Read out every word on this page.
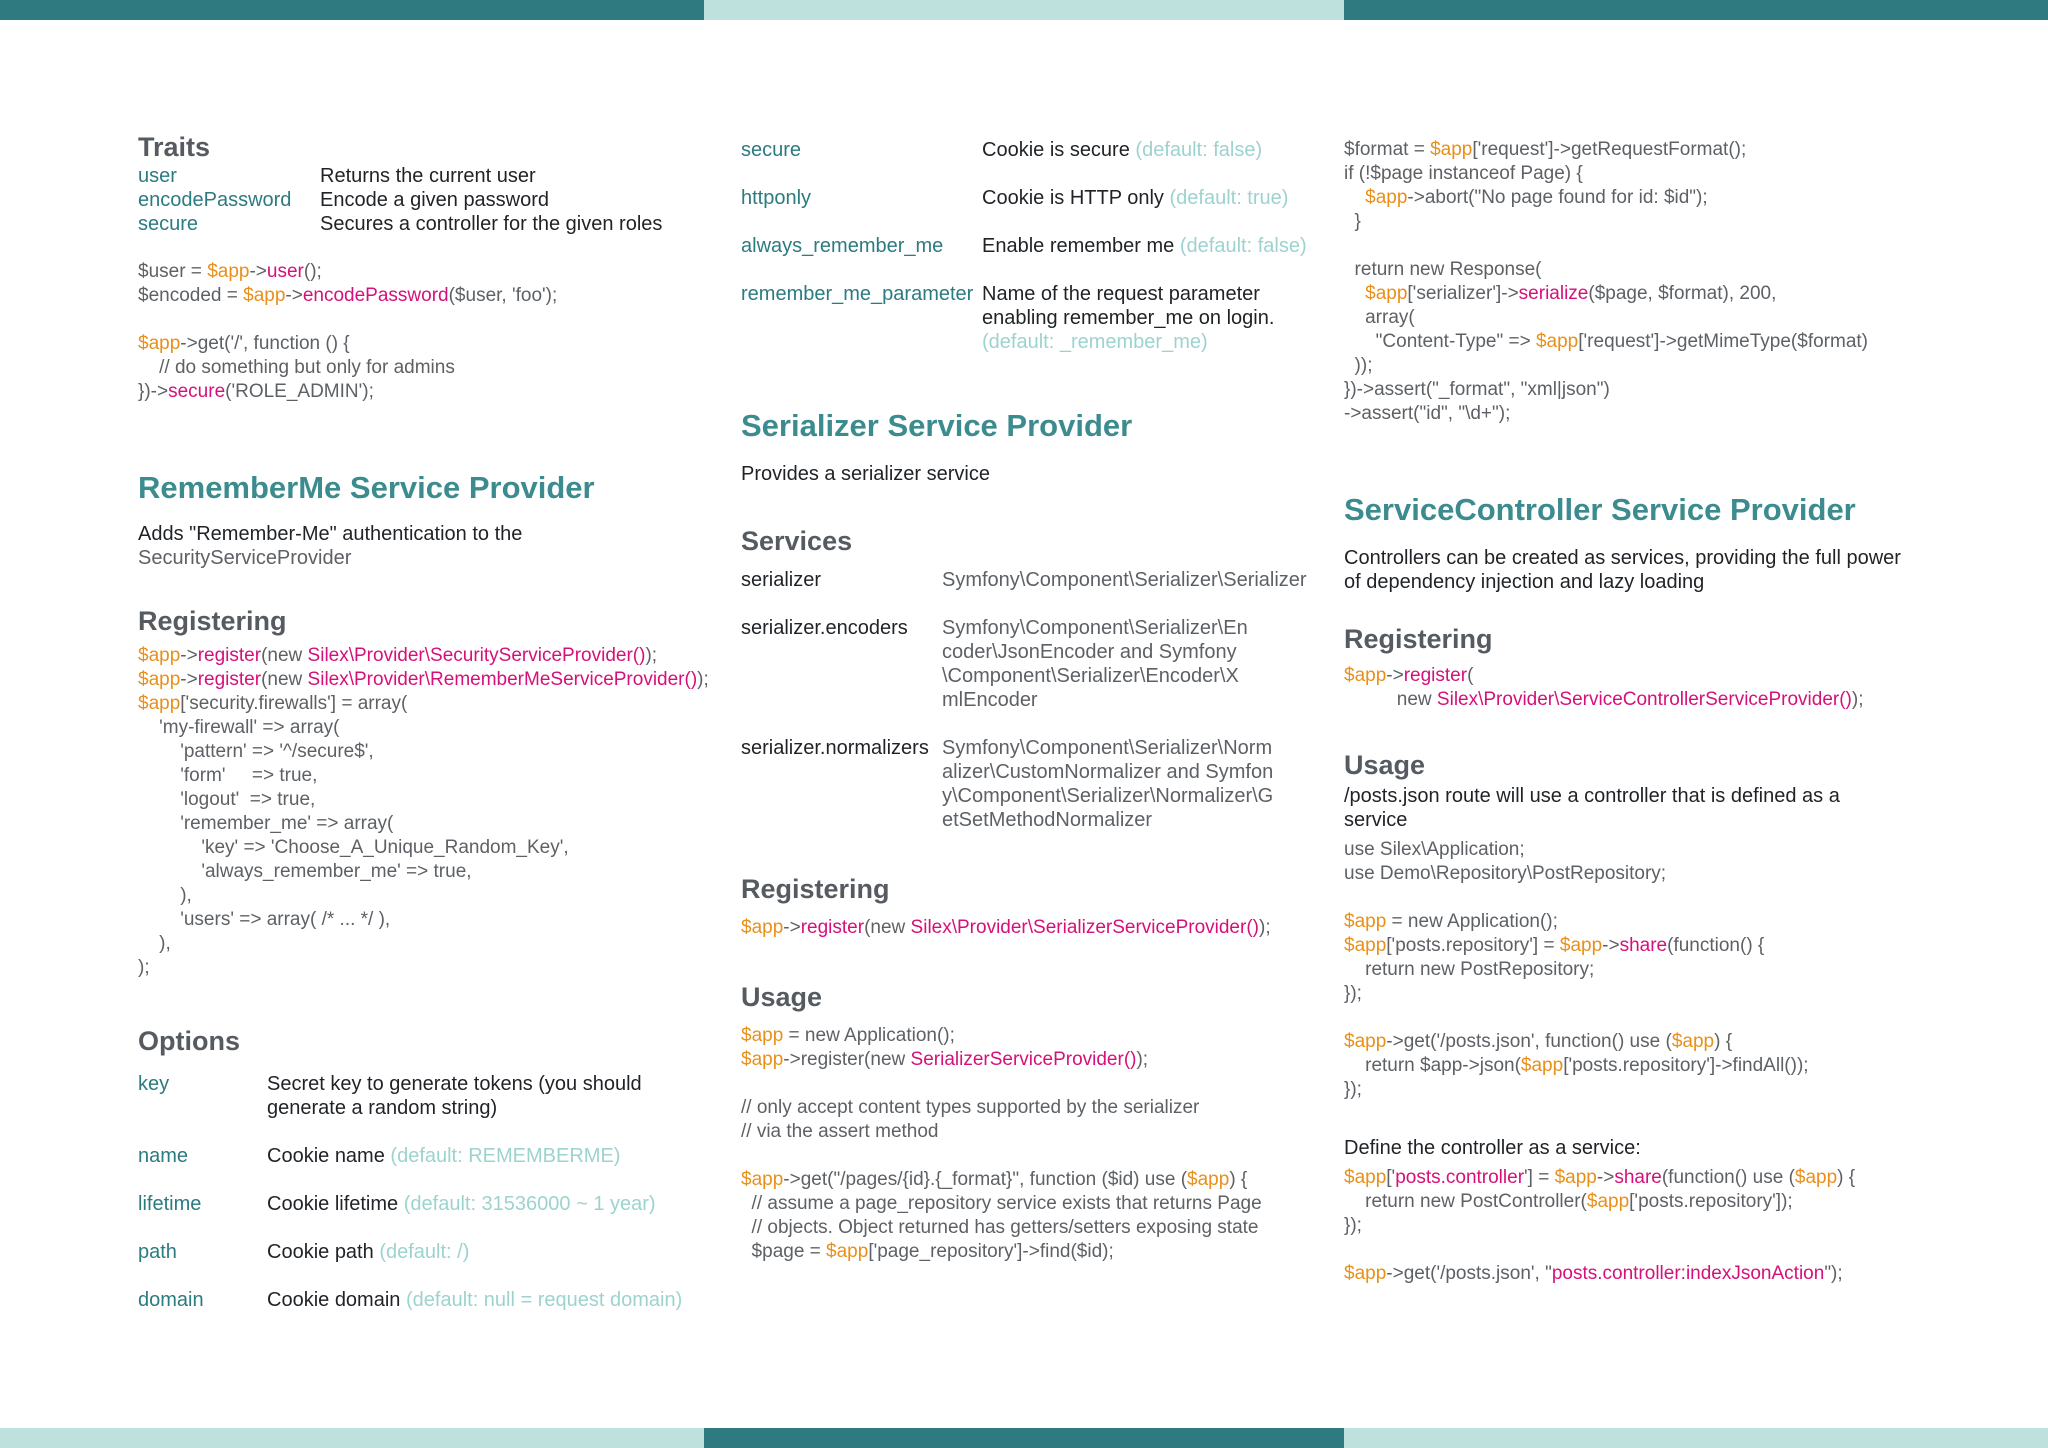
Traits
user	Returns the current user
encodePassword	Encode a given password
secure	Secures a controller for the given roles
$user = $app->user();
$encoded = $app->encodePassword($user, 'foo');

$app->get('/', function () {
// do something but only for admins
})->secure('ROLE_ADMIN');
RememberMe Service Provider
Adds "Remember-Me" authentication to the
SecurityServiceProvider
Registering
$app->register(new Silex\Provider\SecurityServiceProvider());
$app->register(new Silex\Provider\RememberMeServiceProvider());
$app['security.firewalls'] = array(
'my-firewall' => array(
'pattern' => '^/secure$',
'form'     => true,
'logout'  => true,
'remember_me' => array(
'key' => 'Choose_A_Unique_Random_Key',
'always_remember_me' => true,
),
'users' => array( /* ... */ ),
),
);
Options
key	Secret key to generate tokens (you should generate a random string)
name	Cookie name (default: REMEMBERME)
lifetime	Cookie lifetime (default: 31536000 ~ 1 year)
path	Cookie path (default: /)
domain	Cookie domain (default: null = request domain)
secure	Cookie is secure (default: false)
httponly	Cookie is HTTP only (default: true)
always_remember_me	Enable remember me (default: false)
remember_me_parameter Name of the request parameter enabling remember_me on login.
(default: _remember_me)
Serializer Service Provider
Provides a serializer service
Services
serializer	Symfony\Component\Serializer\Serializer
serializer.encoders	Symfony\Component\Serializer\Encoder\JsonEncoder and Symfony\Component\Serializer\Encoder\XmlEncoder
serializer.normalizers Symfony\Component\Serializer\Normalizer\CustomNormalizer and Symfony\Component\Serializer\Normalizer\GetSetMethodNormalizer
Registering
$app->register(new Silex\Provider\SerializerServiceProvider());
Usage
$app = new Application();
$app->register(new SerializerServiceProvider());

// only accept content types supported by the serializer
// via the assert method

$app->get("/pages/{id}.{_format}", function ($id) use ($app) {
// assume a page_repository service exists that returns Page
// objects. Object returned has getters/setters exposing state
$page = $app['page_repository']->find($id);
$format = $app['request']->getRequestFormat();
if (!$page instanceof Page) {
$app->abort("No page found for id: $id");
}

return new Response(
$app['serializer']->serialize($page, $format), 200,
array(
"Content-Type" => $app['request']->getMimeType($format)
));
})->assert("_format", "xml|json")
->assert("id", "\d+");
ServiceController Service Provider
Controllers can be created as services, providing the full power of dependency injection and lazy loading
Registering
$app->register(
new Silex\Provider\ServiceControllerServiceProvider());
Usage
/posts.json route will use a controller that is defined as a service
use Silex\Application;
use Demo\Repository\PostRepository;
$app = new Application();
$app['posts.repository'] = $app->share(function() {
return new PostRepository;
});

$app->get('/posts.json', function() use ($app) {
return $app->json($app['posts.repository']->findAll());
});
Define the controller as a service:
$app['posts.controller'] = $app->share(function() use ($app) {
return new PostController($app['posts.repository']);
});

$app->get('/posts.json', "posts.controller:indexJsonAction");
